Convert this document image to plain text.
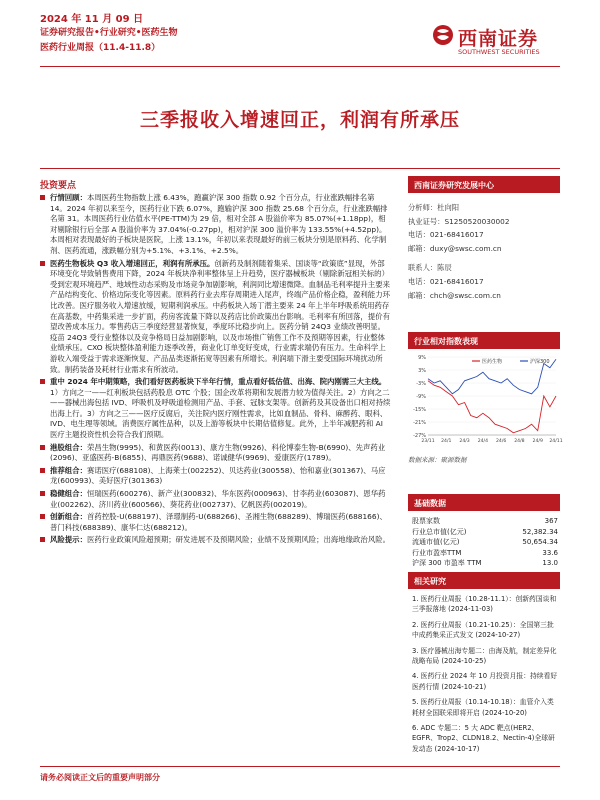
2024 年 11 月 09 日
证券研究报告•行业研究•医药生物
医药行业周报（11.4-11.8）	西南证券
SOUTHWEST SECURITIES
三季报收入增速回正，利润有所承压
投资要点
行情回顾：本周医药生物指数上涨 6.43%，跑赢沪深 300 指数 0.92 个百分点，行业涨跌幅排名第 14。2024 年初以来至今，医药行业下跌 6.07%，跑输沪深 300 指数 25.68 个百分点，行业涨跌幅排名第 31。本周医药行业估值水平(PE-TTM)为 29 倍，相对全部 A 股溢价率为 85.07%(+1.18pp)，相对剔除银行后全部 A 股溢价率为 37.04%(-0.27pp)，相对沪深 300 溢价率为 133.55%(+4.52pp)。本周相对表现最好的子板块是医院，上涨 13.1%，年初以来表现最好的前三板块分别是原料药、化学制剂、医药流通，涨跌幅分别为+5.1%、+3.1%、+2.5%。
医药生物板块 Q3 收入增速回正，利润有所承压。创新药及制剂随着集采、国谈等“政策底”显现，外部环境变化导致销售费用下降，2024 年板块净利率整体呈上升趋势，医疗器械板块（剔除新冠相关标的）受到宏观环境趋严、地域性动态采购及市场竞争加剧影响，利润同比增速微降。血制品毛利率提升主要来产品结构变化、价格边际变化等因素。原料药行业去库存周期进入尾声，终端产品价格企稳，盈利能力环比改善。医疗服务收入增速放缓，短期利润承压。中药板块入场丁潜主要来 24 年上半年呼吸系统用药存在高基数，中药集采进一步扩面，药房客流量下降以及药店比价政策出台影响。毛利率有所回落，提价有望改善成本压力。零售药店三季度经营显著恢复，季度环比稳步向上。医药分销 24Q3 业绩改善明显。疫苗 24Q3 受行业整体以及竞争格局日益加剧影响，以及市场推广销售工作不及预期等因素，行业整体业绩承压。CXO 板块整体盈利能力逐季改善，商业化订单变好变成，行业需求端仍有压力。生命科学上游收入端受益于需求逐渐恢复、产品品类逐渐拓宽等因素有所增长。利润端下滑主要受国际环境扰动所致。制药装备及耗材行业需求有所波动。
重中 2024 年中期策略，我们看好医药板块下半年行情，重点看好低估值、出海、院内刚需三大主线。1）方向之一——红利板块包括药股息 OTC 个股；国企改革将期和发展潜力较为值得关注。2）方向之二——器械出海包括 IVD、呼吸机及呼吸道检测用产品、手套、冠脉支架等。创新药及其设备出口相对持续出海上行。3）方向之三——医疗反腐后，关注院内医疗刚性需求，比如血制品、骨科、麻醉药、眼科、IVD、电生理等领域。消费医疗属性品种，以及上游等板块中长期估值修复。此外，上半年减肥药和 AI 医疗主题投资性机会符合我们预期。
港股组合：荣昌生物(9995)、和黄医药(0013)、康方生物(9926)、科伦博泰生物-B(6990)、先声药业(2096)、亚盛医药-B(6855)、再鼎医药(9688)、诺诚健华(9969)、爱康医疗(1789)。
推荐组合：赛诺医疗(688108)、上海莱士(002252)、贝达药业(300558)、怡和嘉业(301367)、马应龙(600993)、美好医疗(301363)
稳健组合：恒瑞医药(600276)、新产业(300832)、华东医药(000963)、甘李药业(603087)、恩华药业(002262)、济川药业(600566)、葵花药业(002737)、亿帆医药(002019)。
创新组合：首药控股-U(688197)、泽璟制药-U(688266)、圣湘生物(688289)、博瑞医药(688166)、普门科技(688389)、康华仁达(688212)。
风险提示：医药行业政策风险超预期；研发进展不及预期风险；业绩不及预期风险；出海地缘政治风险。
西南证券研究发展中心
分析师：杜向阳
执业证号：S1250520030002
电话：021-68416017
邮箱：duxy@swsc.com.cn
联系人：陈辰
电话：021-68416017
邮箱：chch@swsc.com.cn
行业相对指数表现
9%
3%
-3%
-9%
-15%
-21%
-27%
23/11 24/1 24/3 24/4 24/6 24/8 24/9 24/11
医药生物	沪深300
数据来源：聚源数据
基础数据
股票家数	367
行业总市值(亿元)	52,382.34
流通市值(亿元)	50,654.34
行业市盈率TTM	33.6
沪深 300 市盈率 TTM	13.0
相关研究
1. 医药行业周报（10.28-11.1）：创新药国谈和三季报落地 (2024-11-03)
2. 医药行业周报（10.21-10.25）：全国第三批中成药集采正式发文 (2024-10-27)
3. 医疗器械出海专题二：由海及航，制定差异化战略布局 (2024-10-25)
4. 医药行业 2024 年 10 月投资月报：持续看好医药行情 (2024-10-21)
5. 医药行业周报（10.14-10.18）：血管介入类耗材全国联采即将开启 (2024-10-20)
6. ADC 专题二：5 大 ADC 靶点(HER2、EGFR、Trop2、CLDN18.2、Nectin-4)全球研发动态 (2024-10-17)
请务必阅读正文后的重要声明部分
